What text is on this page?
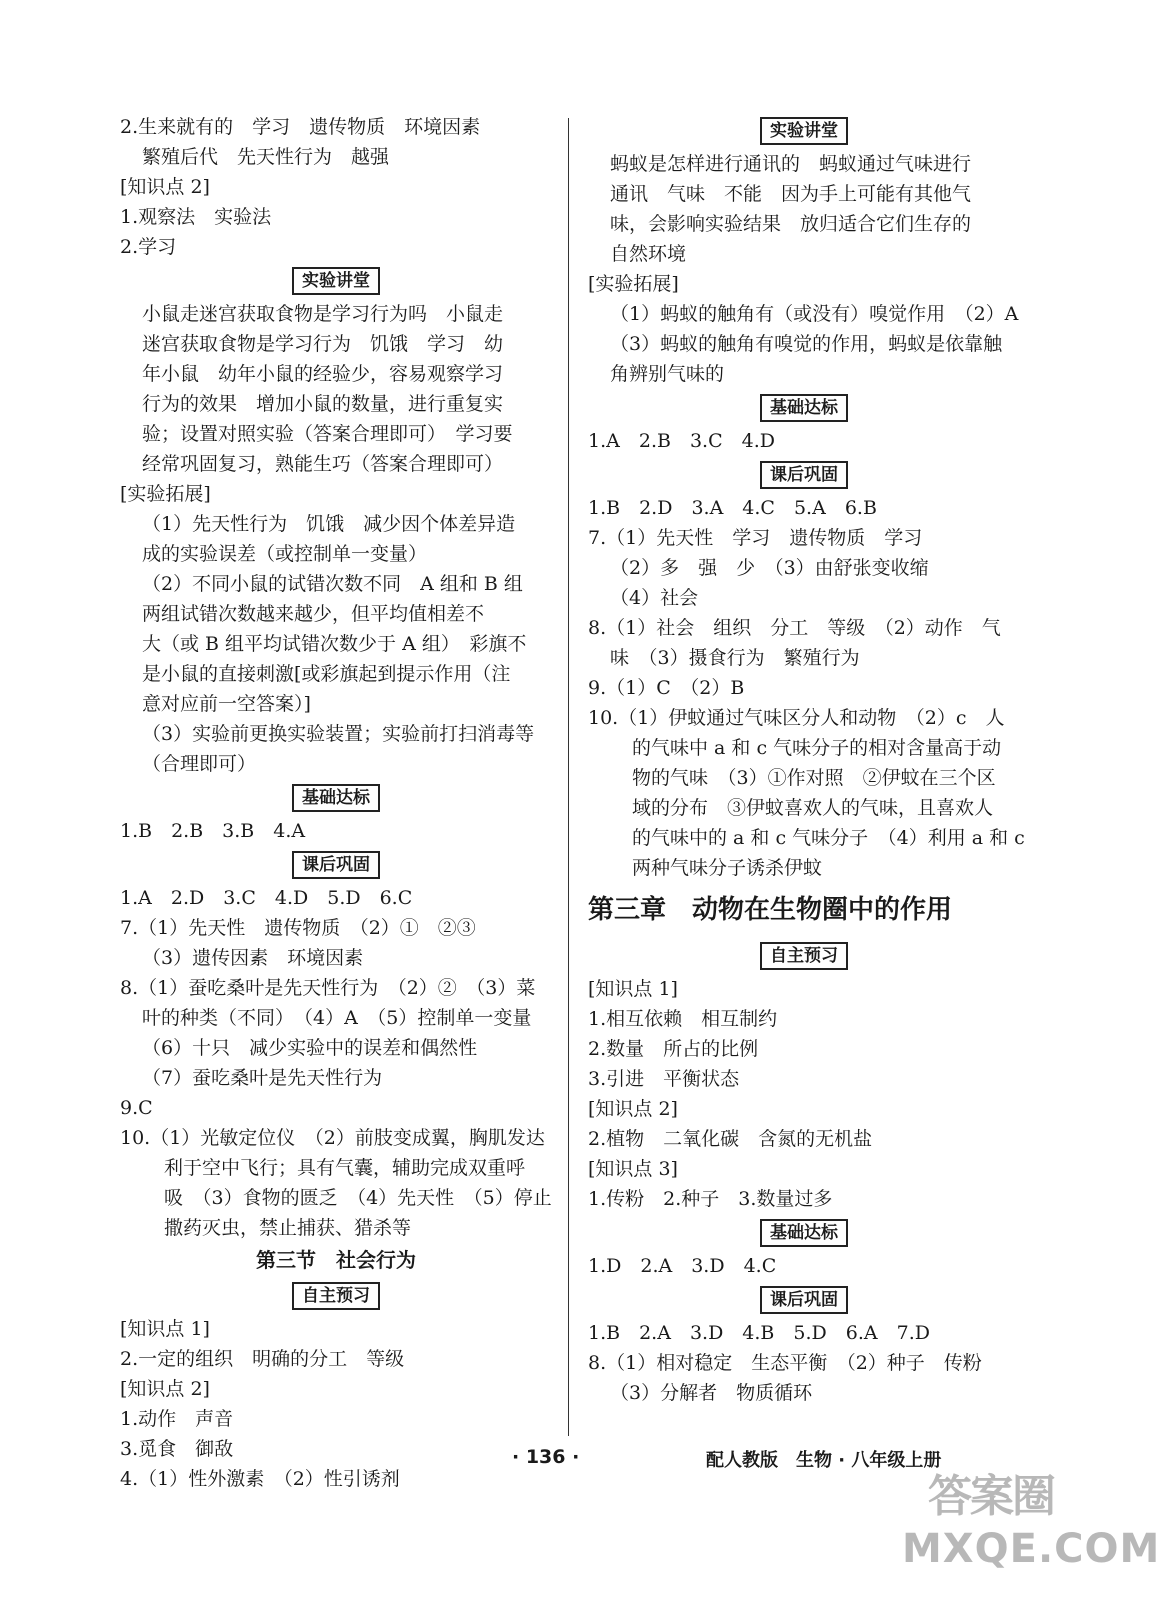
2.生来就有的　学习　遗传物质　环境因素
繁殖后代　先天性行为　越强
[知识点 2]
1.观察法　实验法
2.学习
实验讲堂
小鼠走迷宫获取食物是学习行为吗　小鼠走
迷宫获取食物是学习行为　饥饿　学习　幼
年小鼠　幼年小鼠的经验少，容易观察学习
行为的效果　增加小鼠的数量，进行重复实
验；设置对照实验（答案合理即可）　学习要
经常巩固复习，熟能生巧（答案合理即可）
[实验拓展]
（1）先天性行为　饥饿　减少因个体差异造
成的实验误差（或控制单一变量）
（2）不同小鼠的试错次数不同　A 组和 B 组
两组试错次数越来越少，但平均值相差不
大（或 B 组平均试错次数少于 A 组）　彩旗不
是小鼠的直接刺激[或彩旗起到提示作用（注
意对应前一空答案）]
（3）实验前更换实验装置；实验前打扫消毒等
（合理即可）
基础达标
1.B　2.B　3.B　4.A
课后巩固
1.A　2.D　3.C　4.D　5.D　6.C
7.（1）先天性　遗传物质　（2）①　②③
（3）遗传因素　环境因素
8.（1）蚕吃桑叶是先天性行为　（2）②　（3）菜
叶的种类（不同）　（4）A　（5）控制单一变量
（6）十只　减少实验中的误差和偶然性
（7）蚕吃桑叶是先天性行为
9.C
10.（1）光敏定位仪　（2）前肢变成翼，胸肌发达
利于空中飞行；具有气囊，辅助完成双重呼
吸　（3）食物的匮乏　（4）先天性　（5）停止
撒药灭虫，禁止捕获、猎杀等
第三节　社会行为
自主预习
[知识点 1]
2.一定的组织　明确的分工　等级
[知识点 2]
1.动作　声音
3.觅食　御敌
4.（1）性外激素　（2）性引诱剂
实验讲堂
蚂蚁是怎样进行通讯的　蚂蚁通过气味进行
通讯　气味　不能　因为手上可能有其他气
味，会影响实验结果　放归适合它们生存的
自然环境
[实验拓展]
（1）蚂蚁的触角有（或没有）嗅觉作用　（2）A
（3）蚂蚁的触角有嗅觉的作用，蚂蚁是依靠触
角辨别气味的
基础达标
1.A　2.B　3.C　4.D
课后巩固
1.B　2.D　3.A　4.C　5.A　6.B
7.（1）先天性　学习　遗传物质　学习
（2）多　强　少　（3）由舒张变收缩
（4）社会
8.（1）社会　组织　分工　等级　（2）动作　气
味　（3）摄食行为　繁殖行为
9.（1）C　（2）B
10.（1）伊蚊通过气味区分人和动物　（2）c　人
的气味中 a 和 c 气味分子的相对含量高于动
物的气味　（3）①作对照　②伊蚊在三个区
域的分布　③伊蚊喜欢人的气味，且喜欢人
的气味中的 a 和 c 气味分子　（4）利用 a 和 c
两种气味分子诱杀伊蚊
第三章　动物在生物圈中的作用
自主预习
[知识点 1]
1.相互依赖　相互制约
2.数量　所占的比例
3.引进　平衡状态
[知识点 2]
2.植物　二氧化碳　含氮的无机盐
[知识点 3]
1.传粉　2.种子　3.数量过多
基础达标
1.D　2.A　3.D　4.C
课后巩固
1.B　2.A　3.D　4.B　5.D　6.A　7.D
8.（1）相对稳定　生态平衡　（2）种子　传粉
（3）分解者　物质循环
· 136 ·	配人教版　生物 · 八年级上册
答案圈
MXQE.COM
